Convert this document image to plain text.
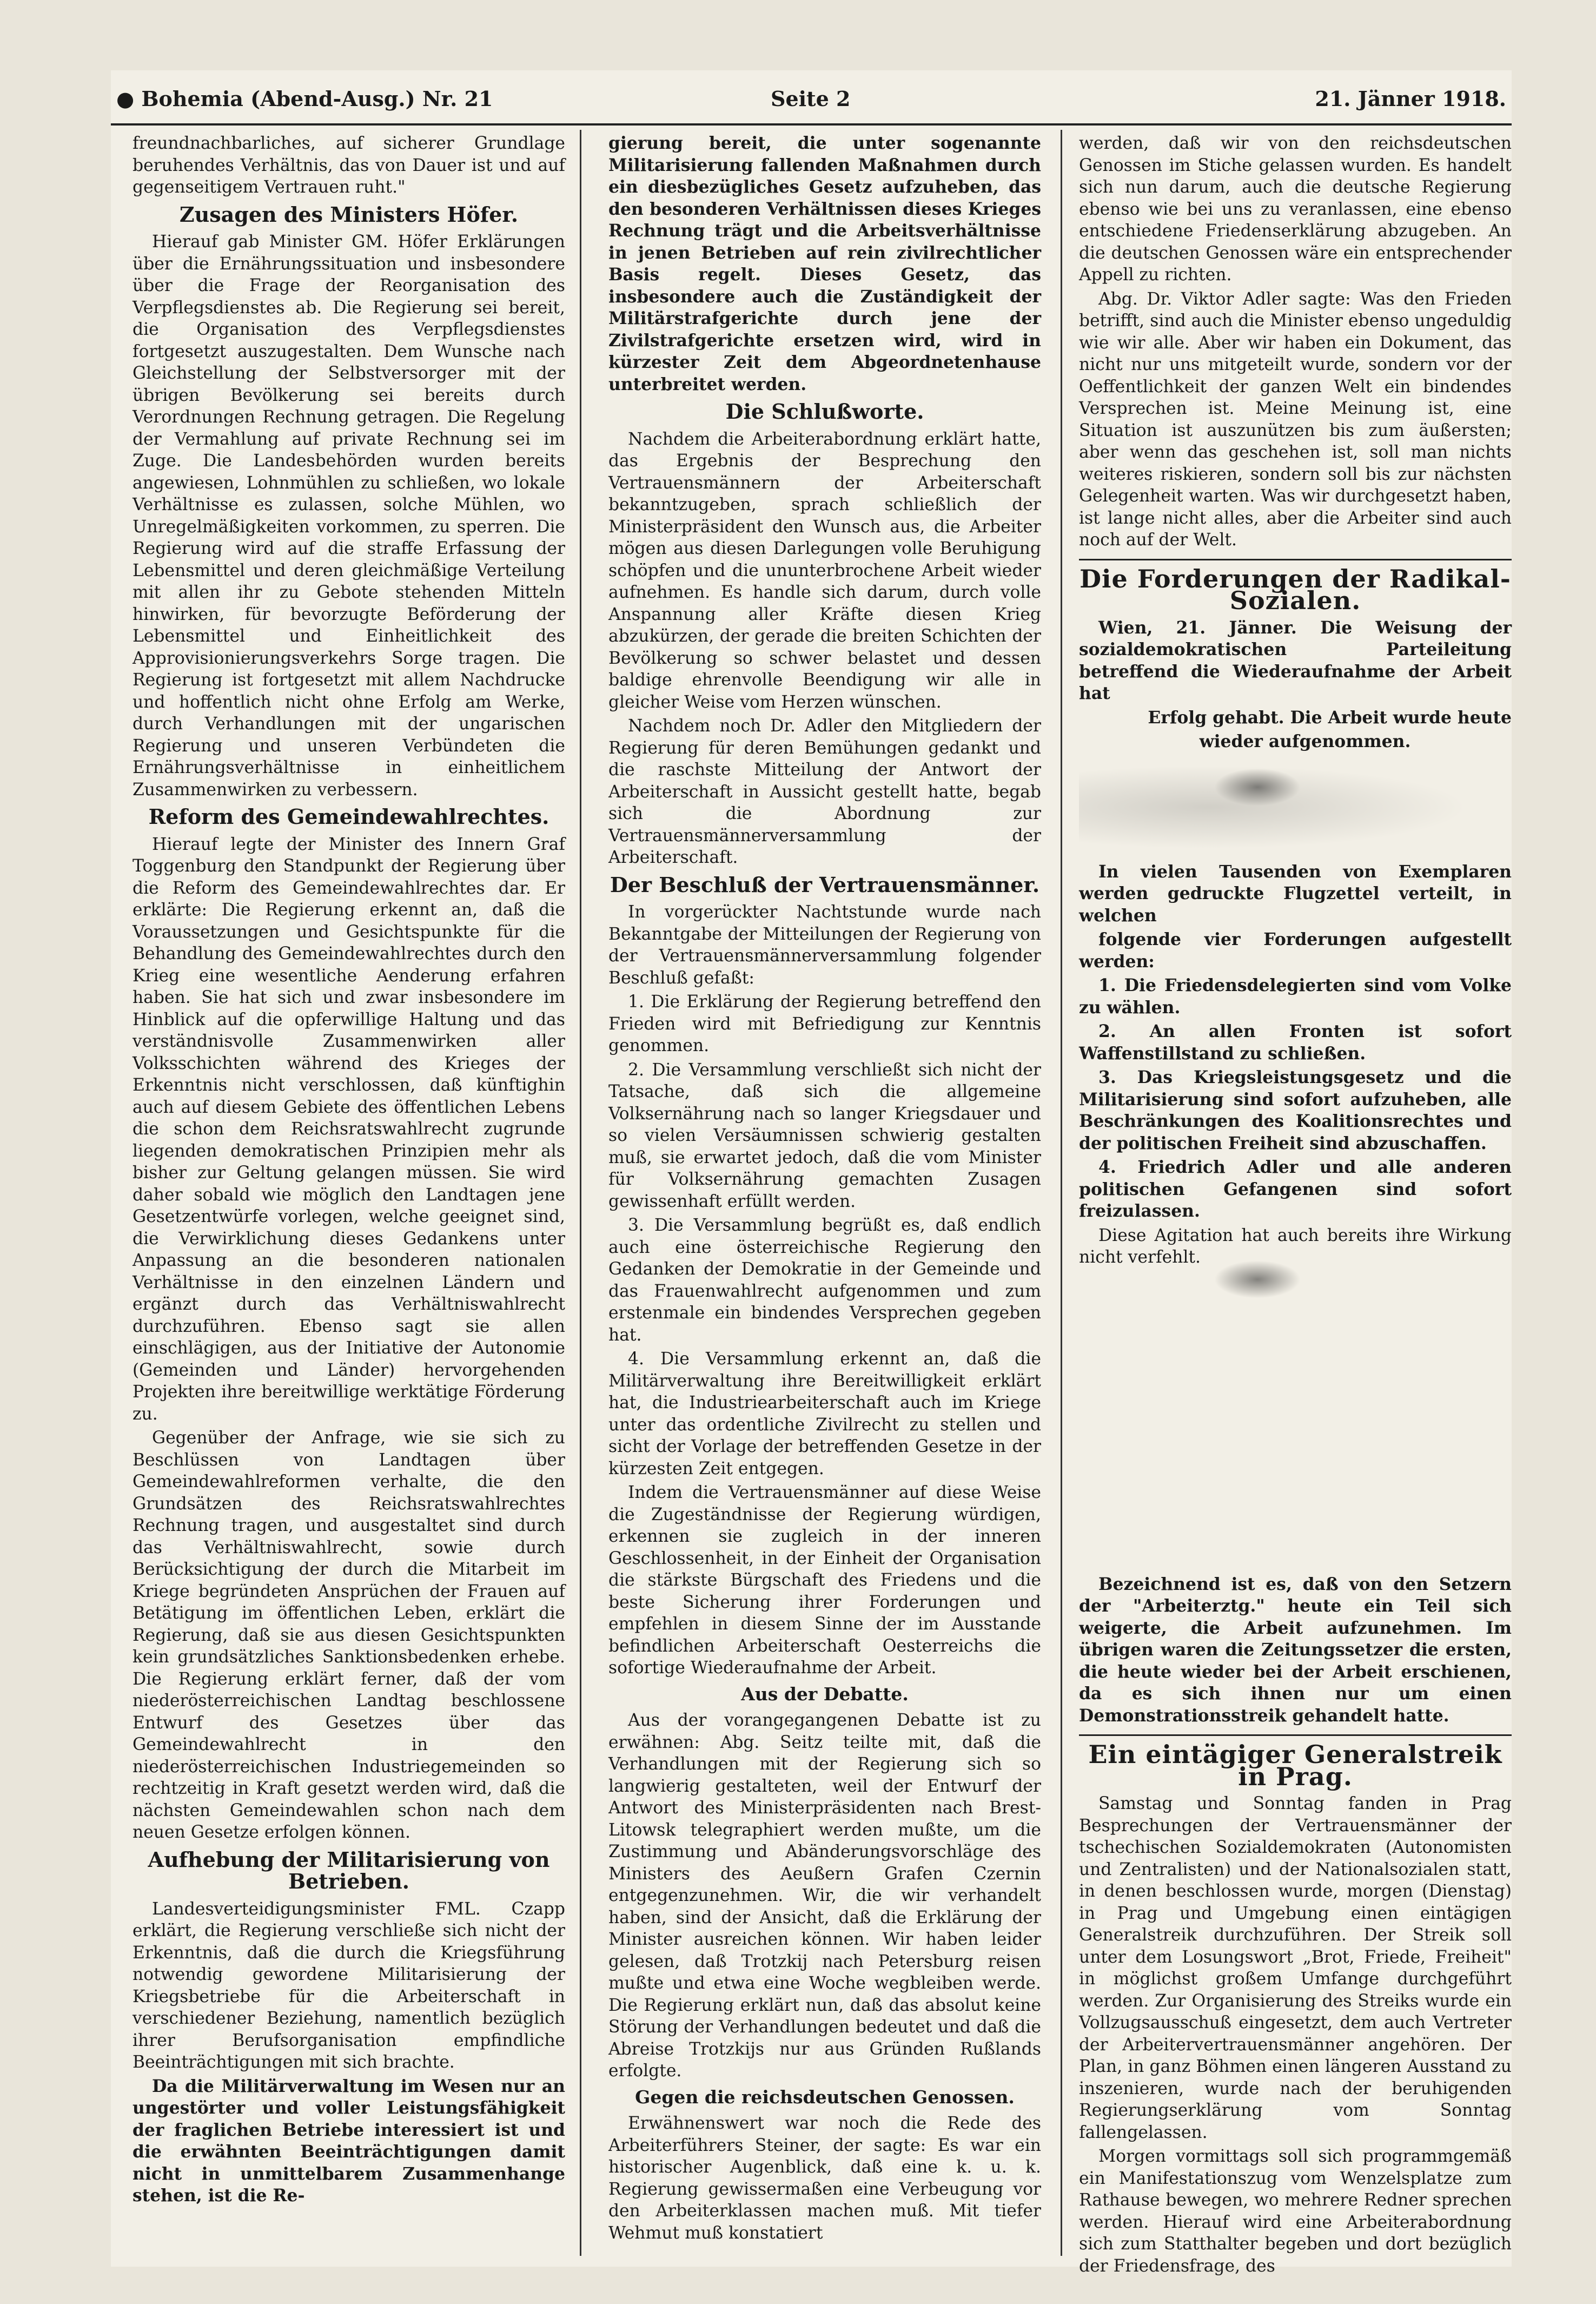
● Bohemia (Abend-Ausg.) Nr. 21	Seite 2	21. Jänner 1918.

freundnachbarliches, auf sicherer Grundlage beruhendes Verhältnis, das von Dauer ist und auf gegenseitigem Vertrauen ruht."

Zusagen des Ministers Höfer.

Hierauf gab Minister GM. Höfer Erklärungen über die Ernährungssituation und insbesondere über die Frage der Reorganisation des Verpflegsdienstes ab. Die Regierung sei bereit, die Organisation des Verpflegsdienstes fortgesetzt auszugestalten. Dem Wunsche nach Gleichstellung der Selbstversorger mit der übrigen Bevölkerung sei bereits durch Verordnungen Rechnung getragen. Die Regelung der Vermahlung auf private Rechnung sei im Zuge. Die Landesbehörden wurden bereits angewiesen, Lohnmühlen zu schließen, wo lokale Verhältnisse es zulassen, solche Mühlen, wo Unregelmäßigkeiten vorkommen, zu sperren. Die Regierung wird auf die straffe Erfassung der Lebensmittel und deren gleichmäßige Verteilung mit allen ihr zu Gebote stehenden Mitteln hinwirken, für bevorzugte Beförderung der Lebensmittel und Einheitlichkeit des Approvisionierungsverkehrs Sorge tragen. Die Regierung ist fortgesetzt mit allem Nachdrucke und hoffentlich nicht ohne Erfolg am Werke, durch Verhandlungen mit der ungarischen Regierung und unseren Verbündeten die Ernährungsverhältnisse in einheitlichem Zusammenwirken zu verbessern.

Reform des Gemeindewahlrechtes.

Hierauf legte der Minister des Innern Graf Toggenburg den Standpunkt der Regierung über die Reform des Gemeindewahlrechtes dar. Er erklärte: Die Regierung erkennt an, daß die Voraussetzungen und Gesichtspunkte für die Behandlung des Gemeindewahlrechtes durch den Krieg eine wesentliche Aenderung erfahren haben. Sie hat sich und zwar insbesondere im Hinblick auf die opferwillige Haltung und das verständnisvolle Zusammenwirken aller Volksschichten während des Krieges der Erkenntnis nicht verschlossen, daß künftighin auch auf diesem Gebiete des öffentlichen Lebens die schon dem Reichsratswahlrecht zugrunde liegenden demokratischen Prinzipien mehr als bisher zur Geltung gelangen müssen. Sie wird daher sobald wie möglich den Landtagen jene Gesetzentwürfe vorlegen, welche geeignet sind, die Verwirklichung dieses Gedankens unter Anpassung an die besonderen nationalen Verhältnisse in den einzelnen Ländern und ergänzt durch das Verhältniswahlrecht durchzuführen. Ebenso sagt sie allen einschlägigen, aus der Initiative der Autonomie (Gemeinden und Länder) hervorgehenden Projekten ihre bereitwillige werktätige Förderung zu.

Gegenüber der Anfrage, wie sie sich zu Beschlüssen von Landtagen über Gemeindewahlreformen verhalte, die den Grundsätzen des Reichsratswahlrechtes Rechnung tragen, und ausgestaltet sind durch das Verhältniswahlrecht, sowie durch Berücksichtigung der durch die Mitarbeit im Kriege begründeten Ansprüchen der Frauen auf Betätigung im öffentlichen Leben, erklärt die Regierung, daß sie aus diesen Gesichtspunkten kein grundsätzliches Sanktionsbedenken erhebe. Die Regierung erklärt ferner, daß der vom niederösterreichischen Landtag beschlossene Entwurf des Gesetzes über das Gemeindewahlrecht in den niederösterreichischen Industriegemeinden so rechtzeitig in Kraft gesetzt werden wird, daß die nächsten Gemeindewahlen schon nach dem neuen Gesetze erfolgen können.

Aufhebung der Militarisierung von Betrieben.

Landesverteidigungsminister FML. Czapp erklärt, die Regierung verschließe sich nicht der Erkenntnis, daß die durch die Kriegsführung notwendig gewordene Militarisierung der Kriegsbetriebe für die Arbeiterschaft in verschiedener Beziehung, namentlich bezüglich ihrer Berufsorganisation empfindliche Beeinträchtigungen mit sich brachte.

Da die Militärverwaltung im Wesen nur an ungestörter und voller Leistungsfähigkeit der fraglichen Betriebe interessiert ist und die erwähnten Beeinträchtigungen damit nicht in unmittelbarem Zusammenhange stehen, ist die Re-

gierung bereit, die unter sogenannte Militarisierung fallenden Maßnahmen durch ein diesbezügliches Gesetz aufzuheben, das den besonderen Verhältnissen dieses Krieges Rechnung trägt und die Arbeitsverhältnisse in jenen Betrieben auf rein zivilrechtlicher Basis regelt. Dieses Gesetz, das insbesondere auch die Zuständigkeit der Militärstrafgerichte durch jene der Zivilstrafgerichte ersetzen wird, wird in kürzester Zeit dem Abgeordnetenhause unterbreitet werden.

Die Schlußworte.

Nachdem die Arbeiterabordnung erklärt hatte, das Ergebnis der Besprechung den Vertrauensmännern der Arbeiterschaft bekanntzugeben, sprach schließlich der Ministerpräsident den Wunsch aus, die Arbeiter mögen aus diesen Darlegungen volle Beruhigung schöpfen und die ununterbrochene Arbeit wieder aufnehmen. Es handle sich darum, durch volle Anspannung aller Kräfte diesen Krieg abzukürzen, der gerade die breiten Schichten der Bevölkerung so schwer belastet und dessen baldige ehrenvolle Beendigung wir alle in gleicher Weise vom Herzen wünschen.

Nachdem noch Dr. Adler den Mitgliedern der Regierung für deren Bemühungen gedankt und die raschste Mitteilung der Antwort der Arbeiterschaft in Aussicht gestellt hatte, begab sich die Abordnung zur Vertrauensmännerversammlung der Arbeiterschaft.

Der Beschluß der Vertrauensmänner.

In vorgerückter Nachtstunde wurde nach Bekanntgabe der Mitteilungen der Regierung von der Vertrauensmännerversammlung folgender Beschluß gefaßt:

1. Die Erklärung der Regierung betreffend den Frieden wird mit Befriedigung zur Kenntnis genommen.

2. Die Versammlung verschließt sich nicht der Tatsache, daß sich die allgemeine Volksernährung nach so langer Kriegsdauer und so vielen Versäumnissen schwierig gestalten muß, sie erwartet jedoch, daß die vom Minister für Volksernährung gemachten Zusagen gewissenhaft erfüllt werden.

3. Die Versammlung begrüßt es, daß endlich auch eine österreichische Regierung den Gedanken der Demokratie in der Gemeinde und das Frauenwahlrecht aufgenommen und zum erstenmale ein bindendes Versprechen gegeben hat.

4. Die Versammlung erkennt an, daß die Militärverwaltung ihre Bereitwilligkeit erklärt hat, die Industriearbeiterschaft auch im Kriege unter das ordentliche Zivilrecht zu stellen und sicht der Vorlage der betreffenden Gesetze in der kürzesten Zeit entgegen.

Indem die Vertrauensmänner auf diese Weise die Zugeständnisse der Regierung würdigen, erkennen sie zugleich in der inneren Geschlossenheit, in der Einheit der Organisation die stärkste Bürgschaft des Friedens und die beste Sicherung ihrer Forderungen und empfehlen in diesem Sinne der im Ausstande befindlichen Arbeiterschaft Oesterreichs die sofortige Wiederaufnahme der Arbeit.

Aus der Debatte.

Aus der vorangegangenen Debatte ist zu erwähnen: Abg. Seitz teilte mit, daß die Verhandlungen mit der Regierung sich so langwierig gestalteten, weil der Entwurf der Antwort des Ministerpräsidenten nach Brest-Litowsk telegraphiert werden mußte, um die Zustimmung und Abänderungsvorschläge des Ministers des Aeußern Grafen Czernin entgegenzunehmen. Wir, die wir verhandelt haben, sind der Ansicht, daß die Erklärung der Minister ausreichen können. Wir haben leider gelesen, daß Trotzkij nach Petersburg reisen mußte und etwa eine Woche wegbleiben werde. Die Regierung erklärt nun, daß das absolut keine Störung der Verhandlungen bedeutet und daß die Abreise Trotzkijs nur aus Gründen Rußlands erfolgte.

Gegen die reichsdeutschen Genossen.

Erwähnenswert war noch die Rede des Arbeiterführers Steiner, der sagte: Es war ein historischer Augenblick, daß eine k. u. k. Regierung gewissermaßen eine Verbeugung vor den Arbeiterklassen machen muß. Mit tiefer Wehmut muß konstatiert

werden, daß wir von den reichsdeutschen Genossen im Stiche gelassen wurden. Es handelt sich nun darum, auch die deutsche Regierung ebenso wie bei uns zu veranlassen, eine ebenso entschiedene Friedenserklärung abzugeben. An die deutschen Genossen wäre ein entsprechender Appell zu richten.

Abg. Dr. Viktor Adler sagte: Was den Frieden betrifft, sind auch die Minister ebenso ungeduldig wie wir alle. Aber wir haben ein Dokument, das nicht nur uns mitgeteilt wurde, sondern vor der Oeffentlichkeit der ganzen Welt ein bindendes Versprechen ist. Meine Meinung ist, eine Situation ist auszunützen bis zum äußersten; aber wenn das geschehen ist, soll man nichts weiteres riskieren, sondern soll bis zur nächsten Gelegenheit warten. Was wir durchgesetzt haben, ist lange nicht alles, aber die Arbeiter sind auch noch auf der Welt.

Die Forderungen der Radikal-Sozialen.

Wien, 21. Jänner. Die Weisung der sozialdemokratischen Parteileitung betreffend die Wiederaufnahme der Arbeit hat

Erfolg gehabt. Die Arbeit wurde heute

wieder aufgenommen.

In vielen Tausenden von Exemplaren werden gedruckte Flugzettel verteilt, in welchen

folgende vier Forderungen aufgestellt werden:

1. Die Friedensdelegierten sind vom Volke zu wählen.

2. An allen Fronten ist sofort Waffenstillstand zu schließen.

3. Das Kriegsleistungsgesetz und die Militarisierung sind sofort aufzuheben, alle Beschränkungen des Koalitionsrechtes und der politischen Freiheit sind abzuschaffen.

4. Friedrich Adler und alle anderen politischen Gefangenen sind sofort freizulassen.

Diese Agitation hat auch bereits ihre Wirkung nicht verfehlt.

Bezeichnend ist es, daß von den Setzern der "Arbeiterztg." heute ein Teil sich weigerte, die Arbeit aufzunehmen. Im übrigen waren die Zeitungssetzer die ersten, die heute wieder bei der Arbeit erschienen, da es sich ihnen nur um einen Demonstrationsstreik gehandelt hatte.

Ein eintägiger Generalstreik in Prag.

Samstag und Sonntag fanden in Prag Besprechungen der Vertrauensmänner der tschechischen Sozialdemokraten (Autonomisten und Zentralisten) und der Nationalsozialen statt, in denen beschlossen wurde, morgen (Dienstag) in Prag und Umgebung einen eintägigen Generalstreik durchzuführen. Der Streik soll unter dem Losungswort „Brot, Friede, Freiheit" in möglichst großem Umfange durchgeführt werden. Zur Organisierung des Streiks wurde ein Vollzugsausschuß eingesetzt, dem auch Vertreter der Arbeitervertrauensmänner angehören. Der Plan, in ganz Böhmen einen längeren Ausstand zu inszenieren, wurde nach der beruhigenden Regierungserklärung vom Sonntag fallengelassen.

Morgen vormittags soll sich programmgemäß ein Manifestationszug vom Wenzelsplatze zum Rathause bewegen, wo mehrere Redner sprechen werden. Hierauf wird eine Arbeiterabordnung sich zum Statthalter begeben und dort bezüglich der Friedensfrage, des
